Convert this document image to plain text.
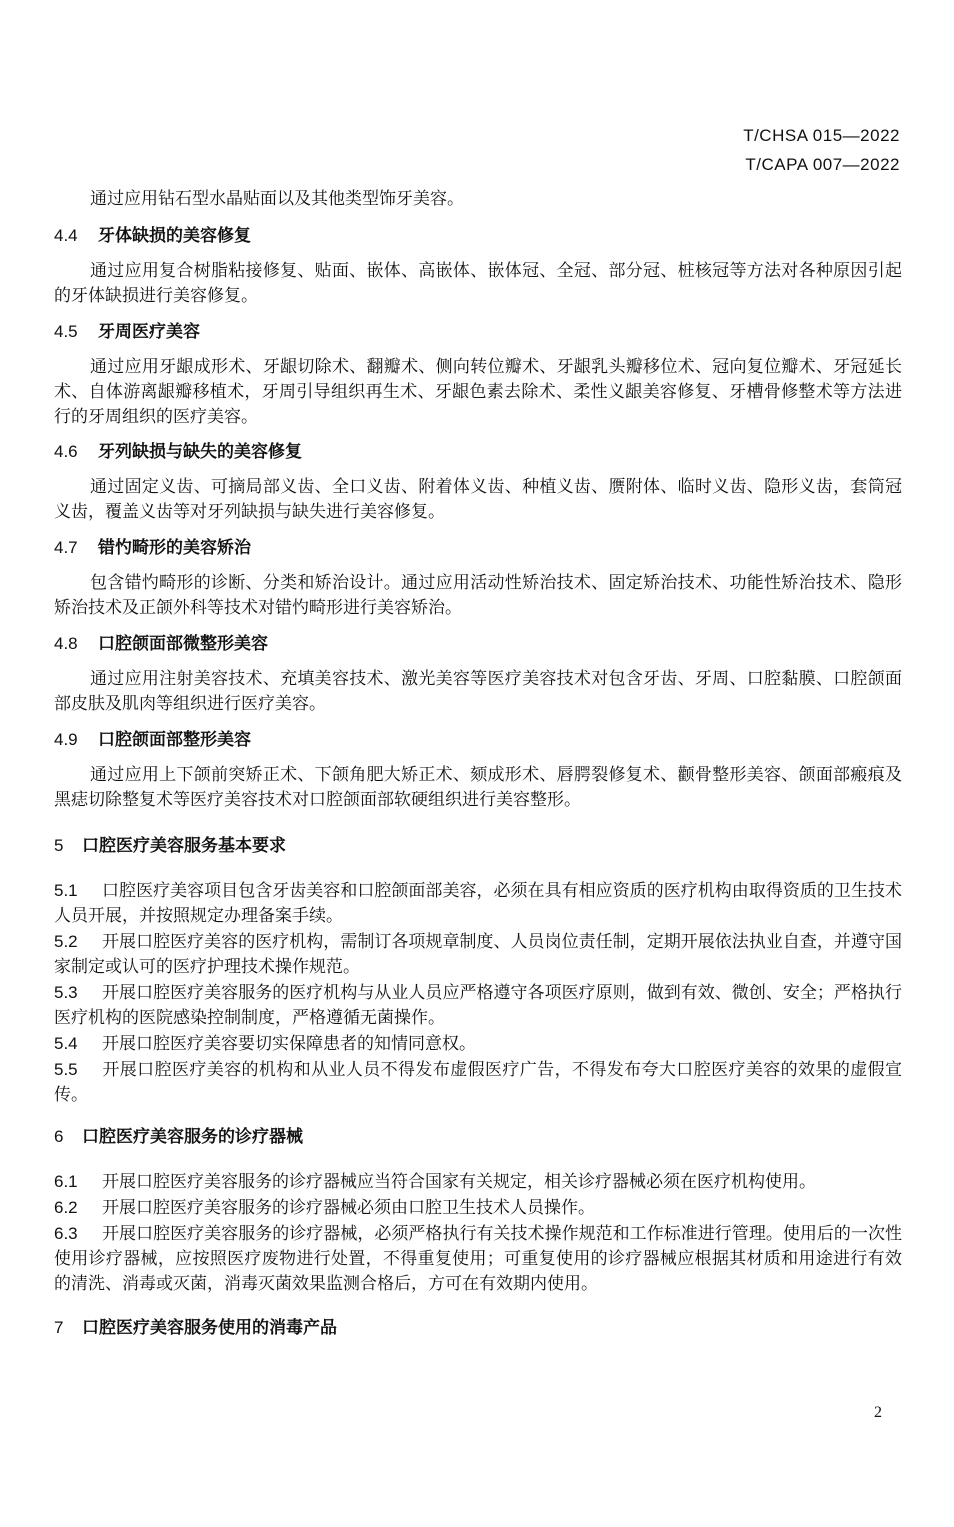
T/CHSA 015—2022
T/CAPA 007—2022

通过应用钻石型水晶贴面以及其他类型饰牙美容。

4.4 牙体缺损的美容修复

通过应用复合树脂粘接修复、贴面、嵌体、高嵌体、嵌体冠、全冠、部分冠、桩核冠等方法对各种原因引起的牙体缺损进行美容修复。

4.5 牙周医疗美容

通过应用牙龈成形术、牙龈切除术、翻瓣术、侧向转位瓣术、牙龈乳头瓣移位术、冠向复位瓣术、牙冠延长术、自体游离龈瓣移植术，牙周引导组织再生术、牙龈色素去除术、柔性义龈美容修复、牙槽骨修整术等方法进行的牙周组织的医疗美容。

4.6 牙列缺损与缺失的美容修复

通过固定义齿、可摘局部义齿、全口义齿、附着体义齿、种植义齿、赝附体、临时义齿、隐形义齿，套筒冠义齿，覆盖义齿等对牙列缺损与缺失进行美容修复。

4.7 错㣿畸形的美容矫治

包含错㣿畸形的诊断、分类和矫治设计。通过应用活动性矫治技术、固定矫治技术、功能性矫治技术、隐形矫治技术及正颌外科等技术对错㣿畸形进行美容矫治。

4.8 口腔颌面部微整形美容

通过应用注射美容技术、充填美容技术、激光美容等医疗美容技术对包含牙齿、牙周、口腔黏膜、口腔颌面部皮肤及肌肉等组织进行医疗美容。

4.9 口腔颌面部整形美容

通过应用上下颌前突矫正术、下颌角肥大矫正术、颏成形术、唇腭裂修复术、颧骨整形美容、颌面部瘢痕及黑痣切除整复术等医疗美容技术对口腔颌面部软硬组织进行美容整形。

5 口腔医疗美容服务基本要求

5.1 口腔医疗美容项目包含牙齿美容和口腔颌面部美容，必须在具有相应资质的医疗机构由取得资质的卫生技术人员开展，并按照规定办理备案手续。

5.2 开展口腔医疗美容的医疗机构，需制订各项规章制度、人员岗位责任制，定期开展依法执业自查，并遵守国家制定或认可的医疗护理技术操作规范。

5.3 开展口腔医疗美容服务的医疗机构与从业人员应严格遵守各项医疗原则，做到有效、微创、安全；严格执行医疗机构的医院感染控制制度，严格遵循无菌操作。

5.4 开展口腔医疗美容要切实保障患者的知情同意权。

5.5 开展口腔医疗美容的机构和从业人员不得发布虚假医疗广告，不得发布夸大口腔医疗美容的效果的虚假宣传。

6 口腔医疗美容服务的诊疗器械

6.1 开展口腔医疗美容服务的诊疗器械应当符合国家有关规定，相关诊疗器械必须在医疗机构使用。

6.2 开展口腔医疗美容服务的诊疗器械必须由口腔卫生技术人员操作。

6.3 开展口腔医疗美容服务的诊疗器械，必须严格执行有关技术操作规范和工作标准进行管理。使用后的一次性使用诊疗器械，应按照医疗废物进行处置，不得重复使用；可重复使用的诊疗器械应根据其材质和用途进行有效的清洗、消毒或灭菌，消毒灭菌效果监测合格后，方可在有效期内使用。

7 口腔医疗美容服务使用的消毒产品
2
